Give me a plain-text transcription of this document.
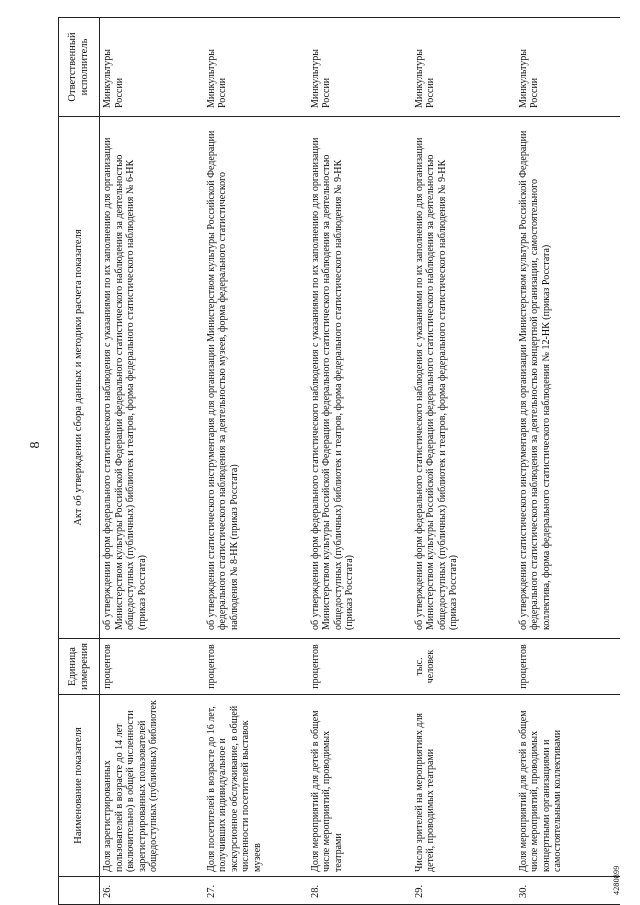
8
	Наименование показателя	Единица измерения	Акт об утверждении сбора данных и методики расчета показателя	Ответственный исполнитель
26.	Доля зарегистрированных пользователей в возрасте до 14 лет (включительно) в общей численности зарегистрированных пользователей общедоступных (публичных) библиотек	процентов	об утверждении форм федерального статистического наблюдения с указаниями по их заполнению для организации Министерством культуры Российской Федерации федерального статистического наблюдения за деятельностью общедоступных (публичных) библиотек и театров, форма федерального статистического наблюдения № 6-НК (приказ Росстата)	Минкультуры России
27.	Доля посетителей в возрасте до 16 лет, получивших индивидуальное и экскурсионное обслуживание, в общей численности посетителей выставок музеев	процентов	об утверждении статистического инструментария для организации Министерством культуры Российской Федерации федерального статистического наблюдения за деятельностью музеев, форма федерального статистического наблюдения № 8-НК (приказ Росстата)	Минкультуры России
28.	Доля мероприятий для детей в общем числе мероприятий, проводимых театрами	процентов	об утверждении форм федерального статистического наблюдения с указаниями по их заполнению для организации Министерством культуры Российской Федерации федерального статистического наблюдения за деятельностью общедоступных (публичных) библиотек и театров, форма федерального статистического наблюдения № 9-НК (приказ Росстата)	Минкультуры России
29.	Число зрителей на мероприятиях для детей, проводимых театрами	тыс. человек	об утверждении форм федерального статистического наблюдения с указаниями по их заполнению для организации Министерством культуры Российской Федерации федерального статистического наблюдения за деятельностью общедоступных (публичных) библиотек и театров, форма федерального статистического наблюдения № 9-НК (приказ Росстата)	Минкультуры России
30.	Доля мероприятий для детей в общем числе мероприятий, проводимых концертными организациями и самостоятельными коллективами	процентов	об утверждении статистического инструментария для организации Министерством культуры Российской Федерации федерального статистического наблюдения за деятельностью концертной организации, самостоятельного коллектива, форма федерального статистического наблюдения № 12-НК (приказ Росстата)	Минкультуры России
4280899
